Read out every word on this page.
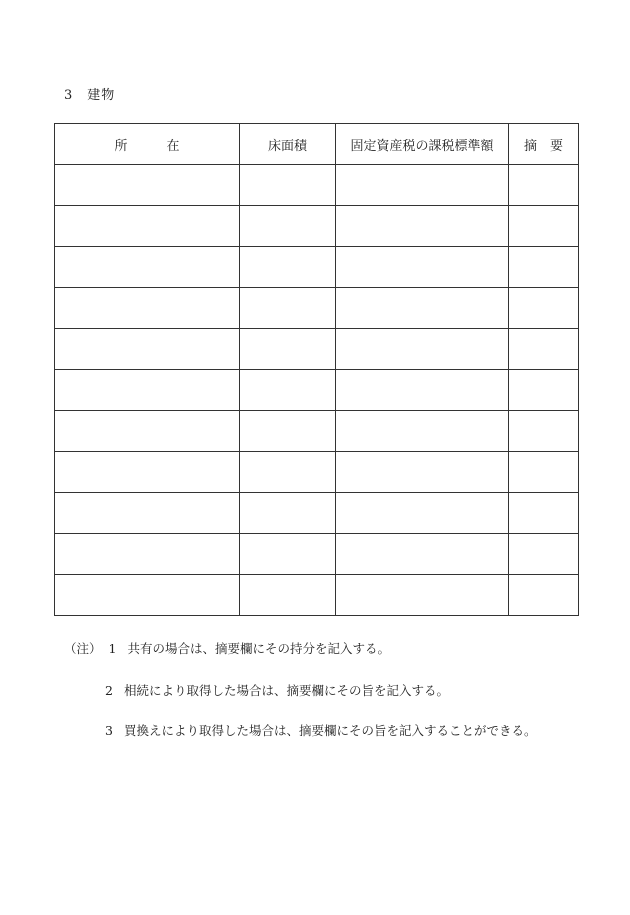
3　建物
所　　　在	床面積	固定資産税の課税標準額	摘　要

（注） 1 共有の場合は、摘要欄にその持分を記入する。
2 相続により取得した場合は、摘要欄にその旨を記入する。
3 買換えにより取得した場合は、摘要欄にその旨を記入することができる。
